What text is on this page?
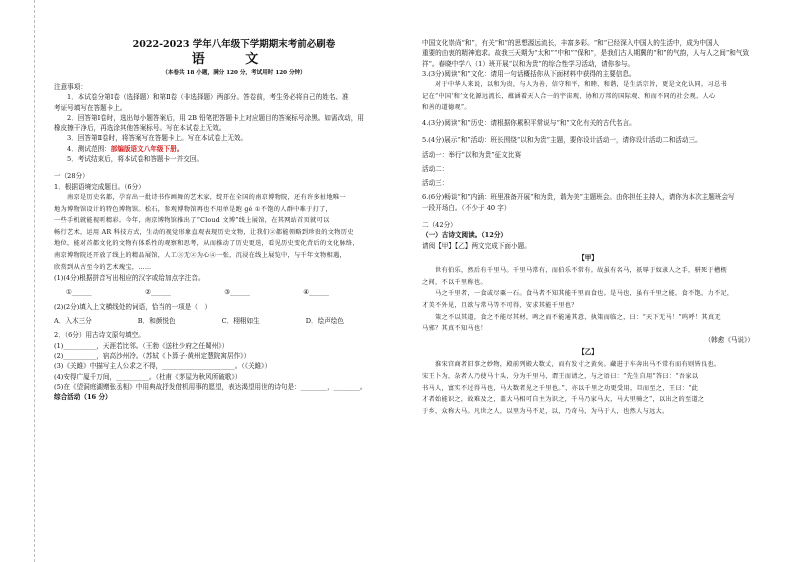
2022-2023 学年八年级下学期期末考前必刷卷
语 文
（本卷共 18 小题，满分 120 分，考试用时 120 分钟）

注意事项：

1．本试卷分第Ⅰ卷（选择题）和第Ⅱ卷（非选择题）两部分。答卷前，考生务必将自己的姓名、准

考证号填写在答题卡上。

2．回答第Ⅰ卷时，选出每小题答案后，用 2B 铅笔把答题卡上对应题目的答案标号涂黑。如需改动，用

橡皮擦干净后，再选涂其他答案标号。写在本试卷上无效。

3．回答第Ⅱ卷时，将答案写在答题卡上。写在本试卷上无效。

4．测试范围：部编版语文八年级下册。

5．考试结束后，将本试卷和答题卡一并交回。

一（28分）

1．根据语境完成题目。（6分）

南京是历史名都，孕育出一批诗书作画舞的艺术家，绽开在全国的南京博物院，还有许多扯地唯一

地为博物馆设计的特色博物馆。松石，参观博物馆再也不用单是跑 gé ①不饱的人群中难于打了，

一些手机就能视听精彩。今年，南京博物馆推出了“Cloud 文博”线上展馆，在其网站首页就可以

畅行艺术，运用 AR 科技方式，生动的视觉形象直观表现历史文物，让我们②都能领略到珍贵的文物历史

地位，能对首都文化的文物有体系性的观察和思考，从而推动了历史更迭，看见历史变化背后的文化脉络，

南京博物院还开放了线上的精品展馆，人工③无②为心④一张，沉浸在线上展览中，与千年文物相遇，

欣赏到从古至今的艺术瑰宝，……

(1)(4分)根据拼音写出相应的汉字或给加点字注音。

①______	②______	③______	④______

(2)(2分)填入上文横线处的词语，恰当的一项是（　）

A．入木三分	B．和颜悦色	C．栩栩如生	D．绘声绘色

2．（6分）用古诗文原句填空。

(1)__________，天涯若比邻。（王勃《送杜少府之任蜀州》）

(2)__________，宿高沙州冷。（苏轼《卜算子·黄州定慧院寓居作》）

(3)《关雎》中描写主人公求之不得，______________________。（《关雎》）

(4)安得广厦千万间，__________。（杜甫《茅屋为秋风所破歌》）

(5)在《望洞庭湖赠张丞相》中用典故抒发借机用事的愿望，表达渴望用世的诗句是：________，________。

综合活动（16 分）

中国文化崇尚“和”，有关“和”的思想源远流长，丰富多彩。“和”已经深入中国人的生活中，成为中国人

重要的由衷的精神追求。故我三天期为“太和”“中和”“保和”，是我们古人期冀的“和”的气韵，人与人之间“和气致

祥”。春晓中学八（1）班开展“以和为贵”的综合性学习活动，请你参与。

3.(3分)阅读“和”文化：请用一句话概括你从下面材料中获得的主要信息。

对于中华人来说，以和为贵，与人为善，信守和平，和睦、和谐，是生活宗旨，更是文化认同。习总书

记在“中国‘和’文化源远流长，蕴涵着天人合一的宇宙观、协和万邦的国际观、和而不同的社会观、人心

和善的道德观”。

4.(3分)阅读“和”历史：请根据你累积平常说与“和”文化有关的古代名言。

5.(4分)展示“和”活动：班长围绕“以和为贵”主题，要你设计活动一，请你设计活动二和活动三。

活动一：举行“以和为贵”征文比赛

活动二：

活动三：

6.(6分)畅谈“和”内涵：班里准备开展“和为贵，谐为美”主题班会。由你担任主持人，请你为本次主题班会写

一段开场白。（不少于 40 字）

二（42分）

（一）古诗文阅读。（12分）

请阅【甲】【乙】两文完成下面小题。

【甲】

世有伯乐，然后有千里马。千里马常有，而伯乐不常有。故虽有名马，祇辱于奴隶人之手，骈死于槽枥

之间，不以千里称也。

马之千里者，一食或尽粟一石。食马者不知其能千里而食也。是马也，虽有千里之能，食不饱，力不足，

才美不外见，且欲与常马等不可得，安求其能千里也？

策之不以其道，食之不能尽其材，鸣之而不能通其意，执策而临之，曰：“天下无马！”呜呼！其真无

马邪？其真不知马也！

（韩愈《马说》）

【乙】

淮宋宫商者旧事之妙物，殿前列殿大数丈，而有发寸之黄矣。藏进于车奔出马不常有而有则皆良也。

宋王卜为，杂者人乃使马十头，分为千里马，谓王而请之，与之语曰：“先生自用”答曰：“吾家以

书马人，富实不过得马也，马大数者见之千里也。”，亦以千里之功更受用，旦而至之，王曰：“此

才者始能识之，故难及之，盖大马相可自主为识之，千马乃家马大，马大里骑之“，以出之的至道之

于乡，众称大马。凡世之人，以里为马不足，以，乃奇马，为马于人，也然人与远大。
